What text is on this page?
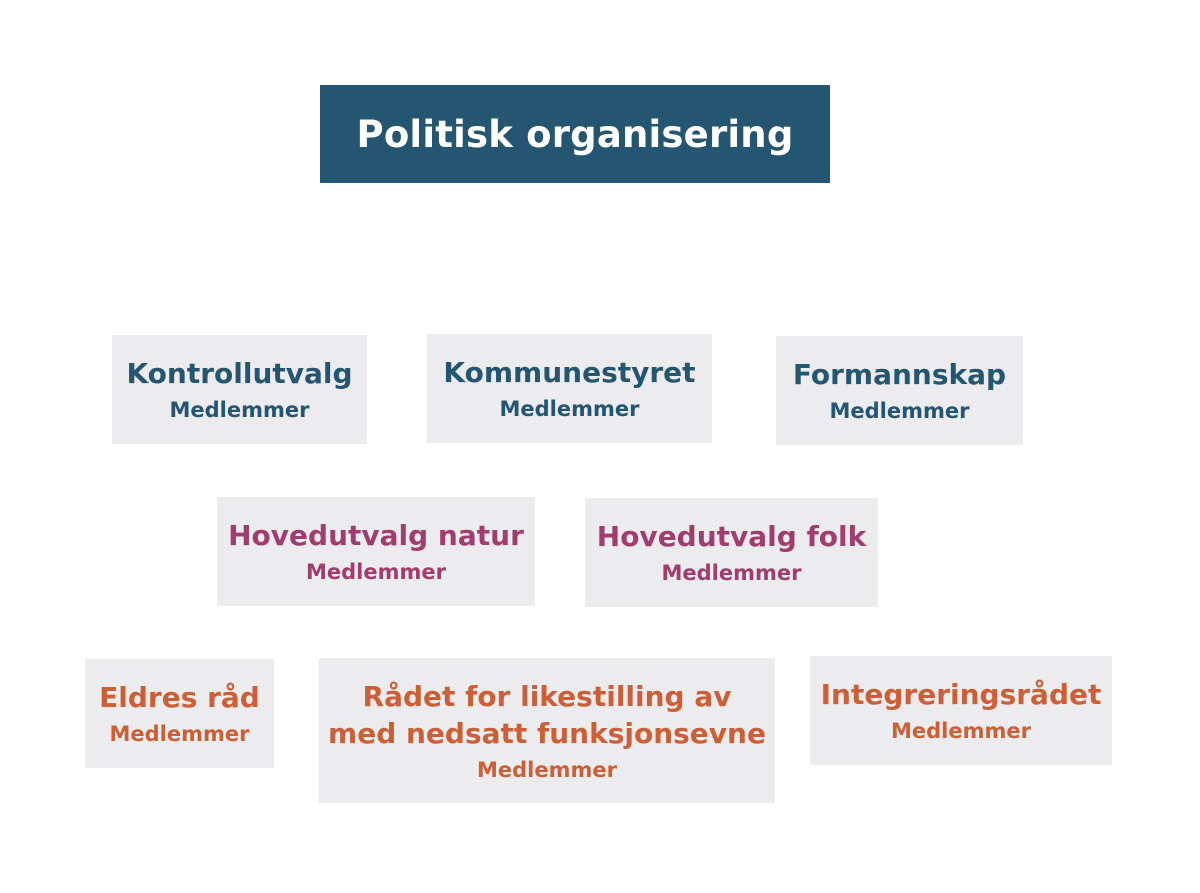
Politisk organisering
Kontrollutvalg
Medlemmer
Kommunestyret
Medlemmer
Formannskap
Medlemmer
Hovedutvalg natur
Medlemmer
Hovedutvalg folk
Medlemmer
Eldres råd
Medlemmer
Rådet for likestilling av
med nedsatt funksjonsevne
Medlemmer
Integreringsrådet
Medlemmer
